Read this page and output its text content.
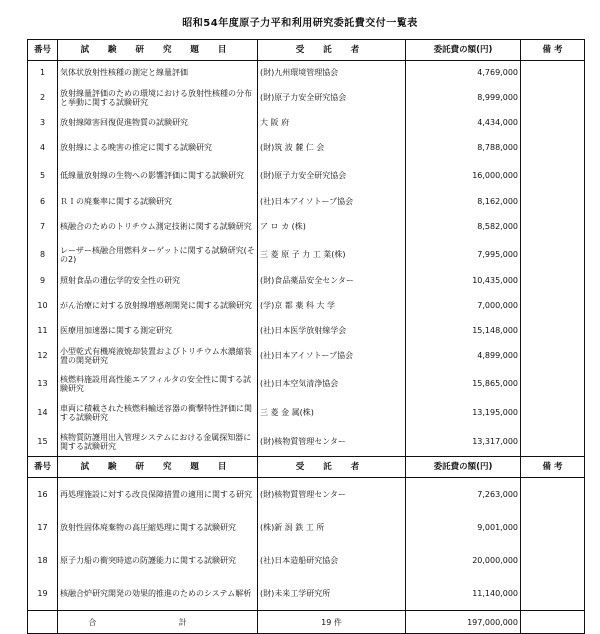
昭和54年度原子力平和利用研究委託費交付一覧表
番号	試 験 研 究 題 目	受 託 者	委託費の額(円)	備 考
1	気体状放射性核種の測定と線量評価	(財)九州環境管理協会	4,769,000	
2	放射線量評価のための環境における放射性核種の分布と挙動に関する試験研究	(財)原子力安全研究協会	8,999,000	
3	放射線障害回復促進物質の試験研究	大 阪 府	4,434,000	
4	放射線による晩害の推定に関する試験研究	(財)筑 波 麓 仁 会	8,788,000	
5	低線量放射線の生物への影響評価に関する試験研究	(財)原子力安全研究協会	16,000,000	
6	ＲＩの廃棄率に関する試験研究	(社)日本アイソトープ協会	8,162,000	
7	核融合のためのトリチウム測定技術に関する試験研究	ア ロ カ (株)	8,582,000	
8	レーザー核融合用燃料ターゲットに関する試験研究(その2)	三 菱 原 子 力 工 業(株)	7,995,000	
9	照射食品の遺伝学的安全性の研究	(財)食品薬品安全センター	10,435,000	
10	がん治療に対する放射線増感剤開発に関する試験研究	(学)京 都 薬 科 大 学	7,000,000	
11	医療用加速器に関する測定研究	(社)日本医学放射線学会	15,148,000	
12	小型乾式有機廃液焼却装置およびトリチウム水濃縮装置の開発研究	(社)日本アイソトープ協会	4,899,000	
13	核燃料施設用高性能エアフィルタの安全性に関する試験研究	(社)日本空気清浄協会	15,865,000	
14	車両に積載された核燃料輸送容器の衝撃特性評価に関する試験研究	三 菱 金 属(株)	13,195,000	
15	核物質防護用出入管理システムにおける金属探知器に関する試験研究	(財)核物質管理センター	13,317,000	
番号	試 験 研 究 題 目	受 託 者	委託費の額(円)	備 考
16	再処理施設に対する改良保障措置の適用に関する研究	(財)核物質管理センター	7,263,000	
17	放射性固体廃棄物の高圧縮処理に関する試験研究	(株)新 潟 鉄 工 所	9,001,000	
18	原子力船の衝突時遮の防護能力に関する試験研究	(社)日本造船研究協会	20,000,000	
19	核融合炉研究開発の効果的推進のためのシステム解析	(財)未来工学研究所	11,140,000	
	合 計	19 件	197,000,000	
